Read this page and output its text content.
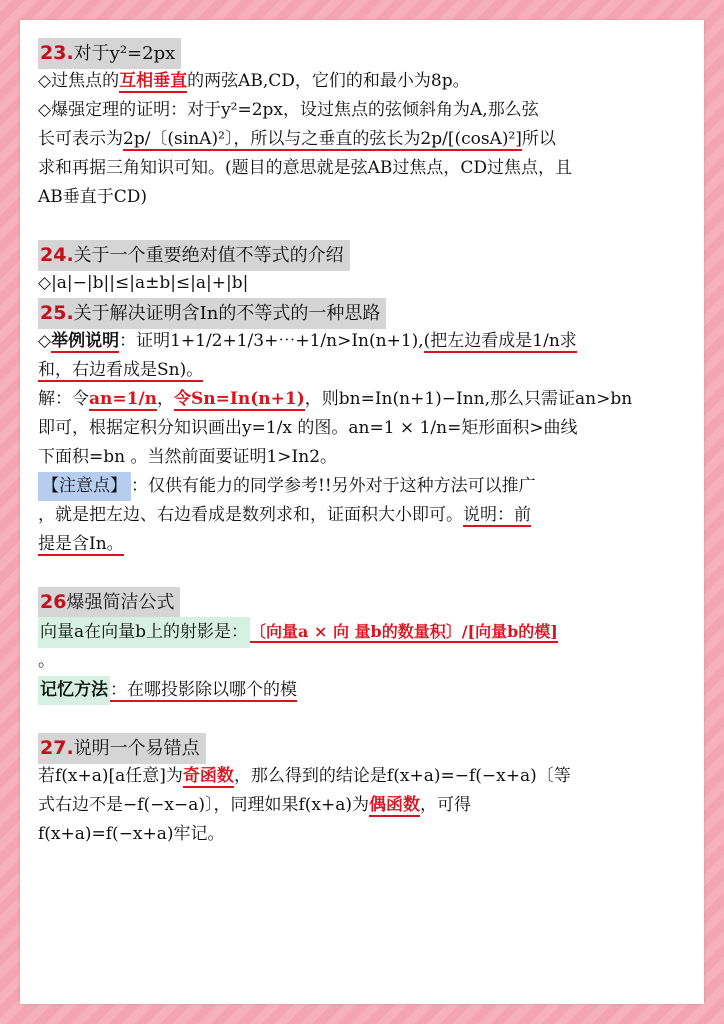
23.对于y²=2px
◇过焦点的互相垂直的两弦AB,CD，它们的和最小为8p。
◇爆强定理的证明：对于y²=2px，设过焦点的弦倾斜角为A,那么弦
长可表示为2p/〔(sinA)²〕，所以与之垂直的弦长为2p/[(cosA)²]所以
求和再据三角知识可知。(题目的意思就是弦AB过焦点，CD过焦点，且
AB垂直于CD)
24.关于一个重要绝对值不等式的介绍
◇|a|−|b||≤|a±b|≤|a|+|b|
25.关于解决证明含In的不等式的一种思路
◇举例说明：证明1+1/2+1/3+⋯+1/n>In(n+1),(把左边看成是1/n求
和，右边看成是Sn)。
解：令an=1/n，令Sn=In(n+1)，则bn=In(n+1)−Inn,那么只需证an>bn
即可，根据定积分知识画出y=1/x 的图。an=1 × 1/n=矩形面积>曲线
下面积=bn 。当然前面要证明1>In2。
【注意点】 ：仅供有能力的同学参考!!另外对于这种方法可以推广
，就是把左边、右边看成是数列求和，证面积大小即可。说明：前
提是含In。
26爆强简洁公式
向量a在向量b上的射影是： 〔向量a × 向 量b的数量积〕/[向量b的模]
。
记忆方法 ：在哪投影除以哪个的模
27.说明一个易错点
若f(x+a)[a任意]为奇函数，那么得到的结论是f(x+a)=−f(−x+a)〔等
式右边不是−f(−x−a)〕，同理如果f(x+a)为偶函数，可得
f(x+a)=f(−x+a)牢记。
